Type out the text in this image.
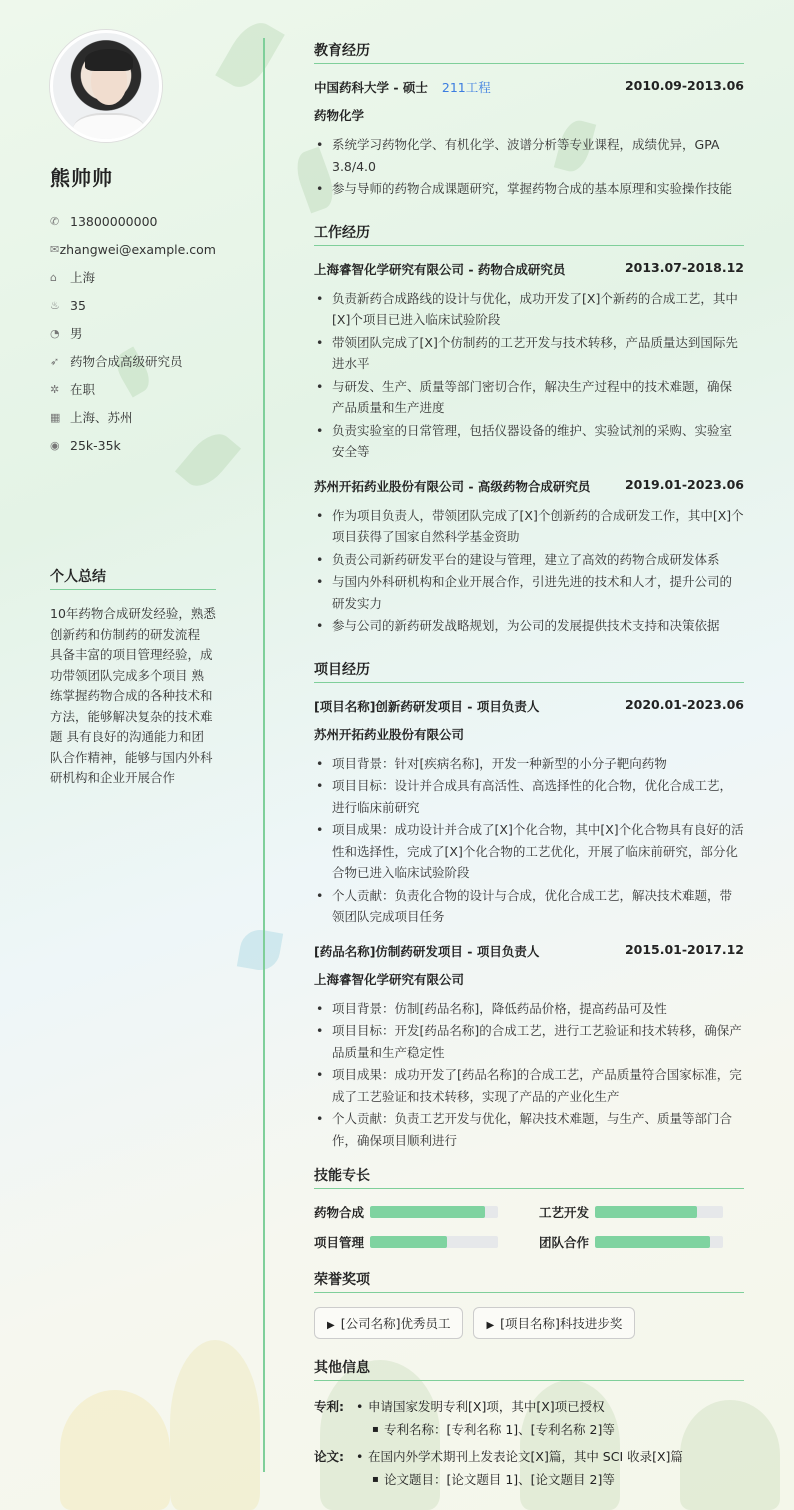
熊帅帅
✆ 13800000000
✉ zhangwei@example.com
⌂	上海
♨ 35
◔ 男
➶ 药物合成高级研究员
✲ 在职
▦ 上海、苏州
◉ 25k-35k
个人总结
10年药物合成研发经验，熟悉创新药和仿制药的研发流程 具备丰富的项目管理经验，成功带领团队完成多个项目 熟练掌握药物合成的各种技术和方法，能够解决复杂的技术难题 具有良好的沟通能力和团队合作精神，能够与国内外科研机构和企业开展合作
教育经历
中国药科大学 - 硕士 211工程	2010.09-2013.06
药物化学
• 系统学习药物化学、有机化学、波谱分析等专业课程，成绩优异，GPA 3.8/4.0
• 参与导师的药物合成课题研究，掌握药物合成的基本原理和实验操作技能
工作经历
上海睿智化学研究有限公司 - 药物合成研究员	2013.07-2018.12
• 负责新药合成路线的设计与优化，成功开发了[X]个新药的合成工艺，其中[X]个项目已进入临床试验阶段
• 带领团队完成了[X]个仿制药的工艺开发与技术转移，产品质量达到国际先进水平
• 与研发、生产、质量等部门密切合作，解决生产过程中的技术难题，确保产品质量和生产进度
• 负责实验室的日常管理，包括仪器设备的维护、实验试剂的采购、实验室安全等
苏州开拓药业股份有限公司 - 高级药物合成研究员	2019.01-2023.06
• 作为项目负责人，带领团队完成了[X]个创新药的合成研发工作，其中[X]个项目获得了国家自然科学基金资助
• 负责公司新药研发平台的建设与管理，建立了高效的药物合成研发体系
• 与国内外科研机构和企业开展合作，引进先进的技术和人才，提升公司的研发实力
• 参与公司的新药研发战略规划，为公司的发展提供技术支持和决策依据
项目经历
[项目名称]创新药研发项目 - 项目负责人	2020.01-2023.06
苏州开拓药业股份有限公司
• 项目背景：针对[疾病名称]，开发一种新型的小分子靶向药物
• 项目目标：设计并合成具有高活性、高选择性的化合物，优化合成工艺，进行临床前研究
• 项目成果：成功设计并合成了[X]个化合物，其中[X]个化合物具有良好的活性和选择性，完成了[X]个化合物的工艺优化，开展了临床前研究，部分化合物已进入临床试验阶段
• 个人贡献：负责化合物的设计与合成，优化合成工艺，解决技术难题，带领团队完成项目任务
[药品名称]仿制药研发项目 - 项目负责人	2015.01-2017.12
上海睿智化学研究有限公司
• 项目背景：仿制[药品名称]，降低药品价格，提高药品可及性
• 项目目标：开发[药品名称]的合成工艺，进行工艺验证和技术转移，确保产品质量和生产稳定性
• 项目成果：成功开发了[药品名称]的合成工艺，产品质量符合国家标准，完成了工艺验证和技术转移，实现了产品的产业化生产
• 个人贡献：负责工艺开发与优化，解决技术难题，与生产、质量等部门合作，确保项目顺利进行
技能专长
药物合成	工艺开发
项目管理	团队合作
荣誉奖项
▶ [公司名称]优秀员工	▶ [项目名称]科技进步奖
其他信息
专利:	• 申请国家发明专利[X]项，其中[X]项已授权
▪ 专利名称：[专利名称 1]、[专利名称 2]等
论文:	• 在国内外学术期刊上发表论文[X]篇，其中 SCI 收录[X]篇
▪ 论文题目：[论文题目 1]、[论文题目 2]等
